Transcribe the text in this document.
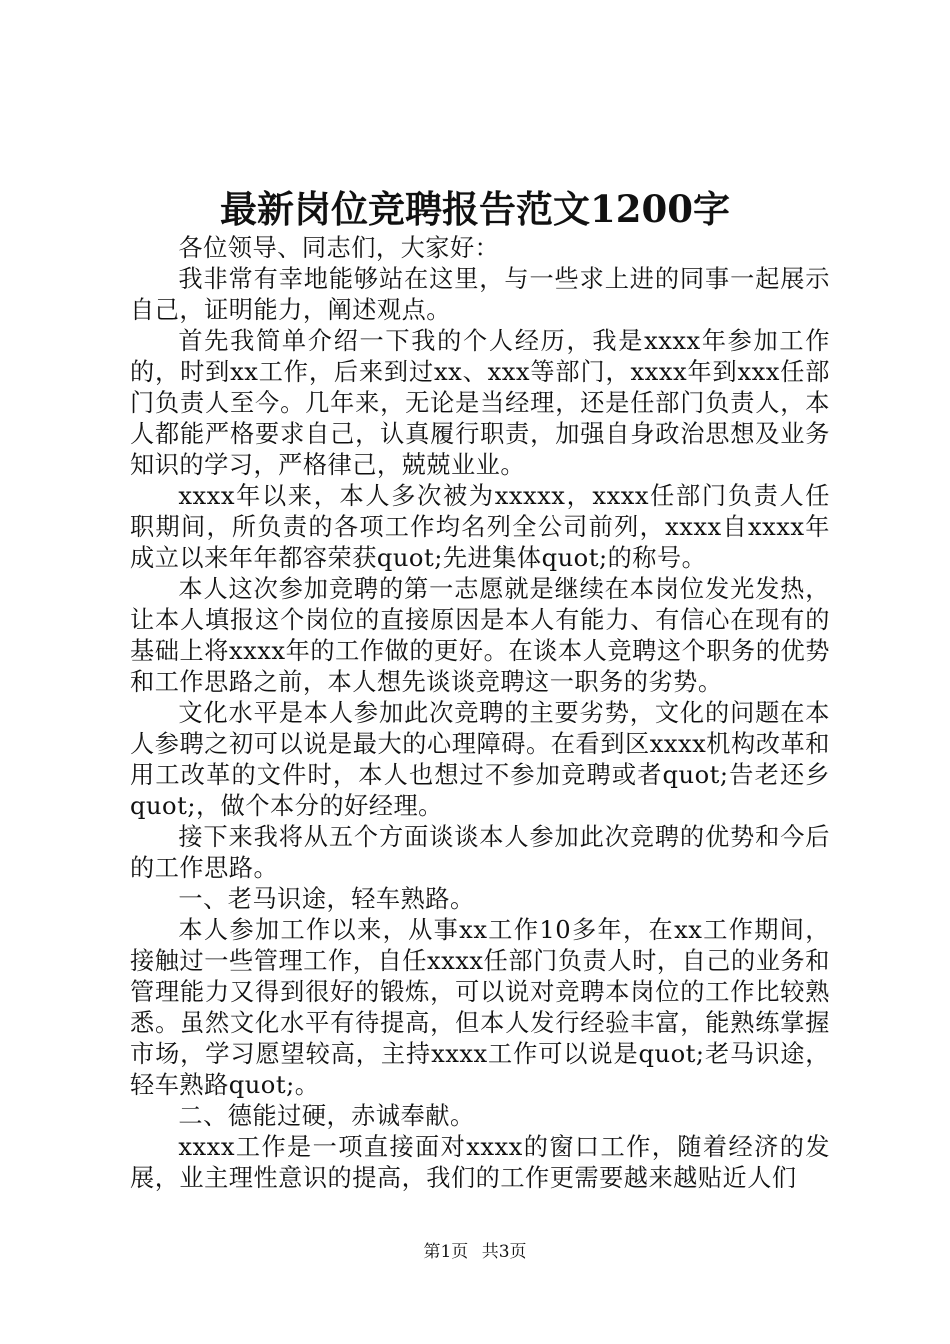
最新岗位竞聘报告范文1200字

各位领导、同志们，大家好：

我非常有幸地能够站在这里，与一些求上进的同事一起展示自己，证明能力，阐述观点。

首先我简单介绍一下我的个人经历，我是xxxx年参加工作的，时到xx工作，后来到过xx、xxx等部门，xxxx年到xxx任部门负责人至今。几年来，无论是当经理，还是任部门负责人，本人都能严格要求自己，认真履行职责，加强自身政治思想及业务知识的学习，严格律己，兢兢业业。

xxxx年以来，本人多次被为xxxxx，xxxx任部门负责人任职期间，所负责的各项工作均名列全公司前列，xxxx自xxxx年成立以来年年都容荣获quot;先进集体quot;的称号。

本人这次参加竞聘的第一志愿就是继续在本岗位发光发热，让本人填报这个岗位的直接原因是本人有能力、有信心在现有的基础上将xxxx年的工作做的更好。在谈本人竞聘这个职务的优势和工作思路之前，本人想先谈谈竞聘这一职务的劣势。

文化水平是本人参加此次竞聘的主要劣势，文化的问题在本人参聘之初可以说是最大的心理障碍。在看到区xxxx机构改革和用工改革的文件时，本人也想过不参加竞聘或者quot;告老还乡quot;，做个本分的好经理。

接下来我将从五个方面谈谈本人参加此次竞聘的优势和今后的工作思路。

一、老马识途，轻车熟路。

本人参加工作以来，从事xx工作10多年，在xx工作期间，接触过一些管理工作，自任xxxx任部门负责人时，自己的业务和管理能力又得到很好的锻炼，可以说对竞聘本岗位的工作比较熟悉。虽然文化水平有待提高，但本人发行经验丰富，能熟练掌握市场，学习愿望较高，主持xxxx工作可以说是quot;老马识途，轻车熟路quot;。

二、德能过硬，赤诚奉献。

xxxx工作是一项直接面对xxxx的窗口工作，随着经济的发展，业主理性意识的提高，我们的工作更需要越来越贴近人们

第1页 共3页
